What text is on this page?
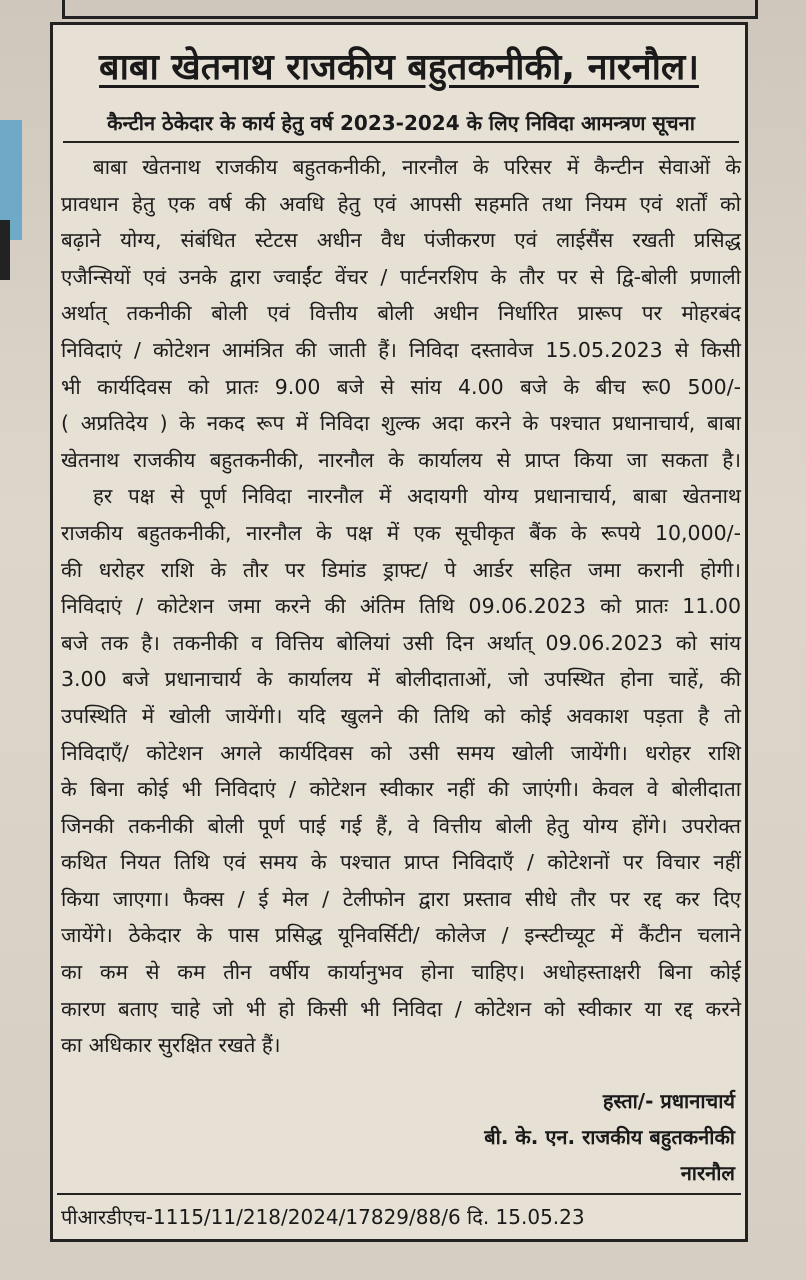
बाबा खेतनाथ राजकीय बहुतकनीकी, नारनौल।
कैन्टीन ठेकेदार के कार्य हेतु वर्ष 2023-2024 के लिए निविदा आमन्त्रण सूचना
बाबा खेतनाथ राजकीय बहुतकनीकी, नारनौल के परिसर में कैन्टीन सेवाओं के
प्रावधान हेतु एक वर्ष की अवधि हेतु एवं आपसी सहमति तथा नियम एवं शर्तों को
बढ़ाने योग्य, संबंधित स्टेटस अधीन वैध पंजीकरण एवं लाईसैंस रखती प्रसिद्ध
एजैन्सियों एवं उनके द्वारा ज्वाईंट वेंचर / पार्टनरशिप के तौर पर से द्वि-बोली प्रणाली
अर्थात् तकनीकी बोली एवं वित्तीय बोली अधीन निर्धारित प्रारूप पर मोहरबंद
निविदाएं / कोटेशन आमंत्रित की जाती हैं। निविदा दस्तावेज 15.05.2023 से किसी
भी कार्यदिवस को प्रातः 9.00 बजे से सांय 4.00 बजे के बीच रू0 500/-
( अप्रतिदेय ) के नकद रूप में निविदा शुल्क अदा करने के पश्चात प्रधानाचार्य, बाबा
खेतनाथ राजकीय बहुतकनीकी, नारनौल के कार्यालय से प्राप्त किया जा सकता है।
हर पक्ष से पूर्ण निविदा नारनौल में अदायगी योग्य प्रधानाचार्य, बाबा खेतनाथ
राजकीय बहुतकनीकी, नारनौल के पक्ष में एक सूचीकृत बैंक के रूपये 10,000/-
की धरोहर राशि के तौर पर डिमांड ड्राफ्ट/ पे आर्डर सहित जमा करानी होगी।
निविदाएं / कोटेशन जमा करने की अंतिम तिथि 09.06.2023 को प्रातः 11.00
बजे तक है। तकनीकी व वित्तिय बोलियां उसी दिन अर्थात् 09.06.2023 को सांय
3.00 बजे प्रधानाचार्य के कार्यालय में बोलीदाताओं, जो उपस्थित होना चाहें, की
उपस्थिति में खोली जायेंगी। यदि खुलने की तिथि को कोई अवकाश पड़ता है तो
निविदाएँ/ कोटेशन अगले कार्यदिवस को उसी समय खोली जायेंगी। धरोहर राशि
के बिना कोई भी निविदाएं / कोटेशन स्वीकार नहीं की जाएंगी। केवल वे बोलीदाता
जिनकी तकनीकी बोली पूर्ण पाई गई हैं, वे वित्तीय बोली हेतु योग्य होंगे। उपरोक्त
कथित नियत तिथि एवं समय के पश्चात प्राप्त निविदाएँ / कोटेशनों पर विचार नहीं
किया जाएगा। फैक्स / ई मेल / टेलीफोन द्वारा प्रस्ताव सीधे तौर पर रद्द कर दिए
जायेंगे। ठेकेदार के पास प्रसिद्ध यूनिवर्सिटी/ कोलेज / इन्स्टीच्यूट में कैंटीन चलाने
का कम से कम तीन वर्षीय कार्यानुभव होना चाहिए। अधोहस्ताक्षरी बिना कोई
कारण बताए चाहे जो भी हो किसी भी निविदा / कोटेशन को स्वीकार या रद्द करने
का अधिकार सुरक्षित रखते हैं।
हस्ता/- प्रधानाचार्य
बी. के. एन. राजकीय बहुतकनीकी
नारनौल
पीआरडीएच-1115/11/218/2024/17829/88/6 दि. 15.05.23
